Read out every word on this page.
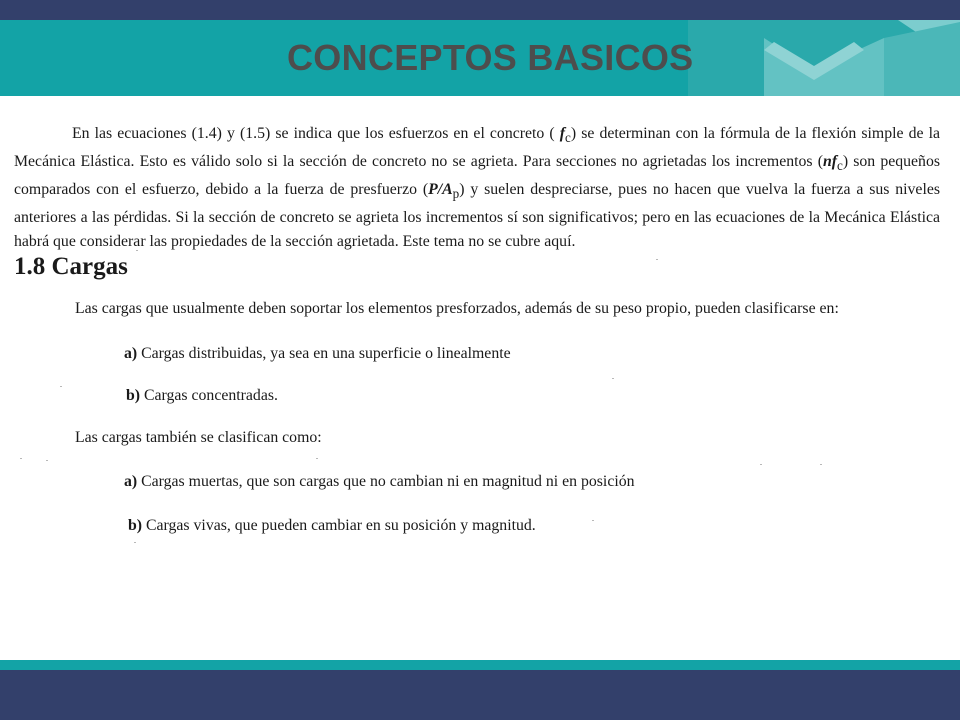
CONCEPTOS BASICOS

En las ecuaciones (1.4) y (1.5) se indica que los esfuerzos en el concreto ( $f_c$) se determinan con la fórmula de la flexión simple de la Mecánica Elástica. Esto es válido solo si la sección de concreto no se agrieta. Para secciones no agrietadas los incrementos $(nf_c)$ son pequeños comparados con el esfuerzo, debido a la fuerza de presfuerzo $(P/A_p)$ y suelen despreciarse, pues no hacen que vuelva la fuerza a sus niveles anteriores a las pérdidas. Si la sección de concreto se agrieta los incrementos sí son significativos; pero en las ecuaciones de la Mecánica Elástica habrá que considerar las propiedades de la sección agrietada. Este tema no se cubre aquí.

1.8 Cargas

Las cargas que usualmente deben soportar los elementos presforzados, además de su peso propio, pueden clasificarse en:

a) Cargas distribuidas, ya sea en una superficie o linealmente

b) Cargas concentradas.

Las cargas también se clasifican como:

a) Cargas muertas, que son cargas que no cambian ni en magnitud ni en posición

b) Cargas vivas, que pueden cambiar en su posición y magnitud.
